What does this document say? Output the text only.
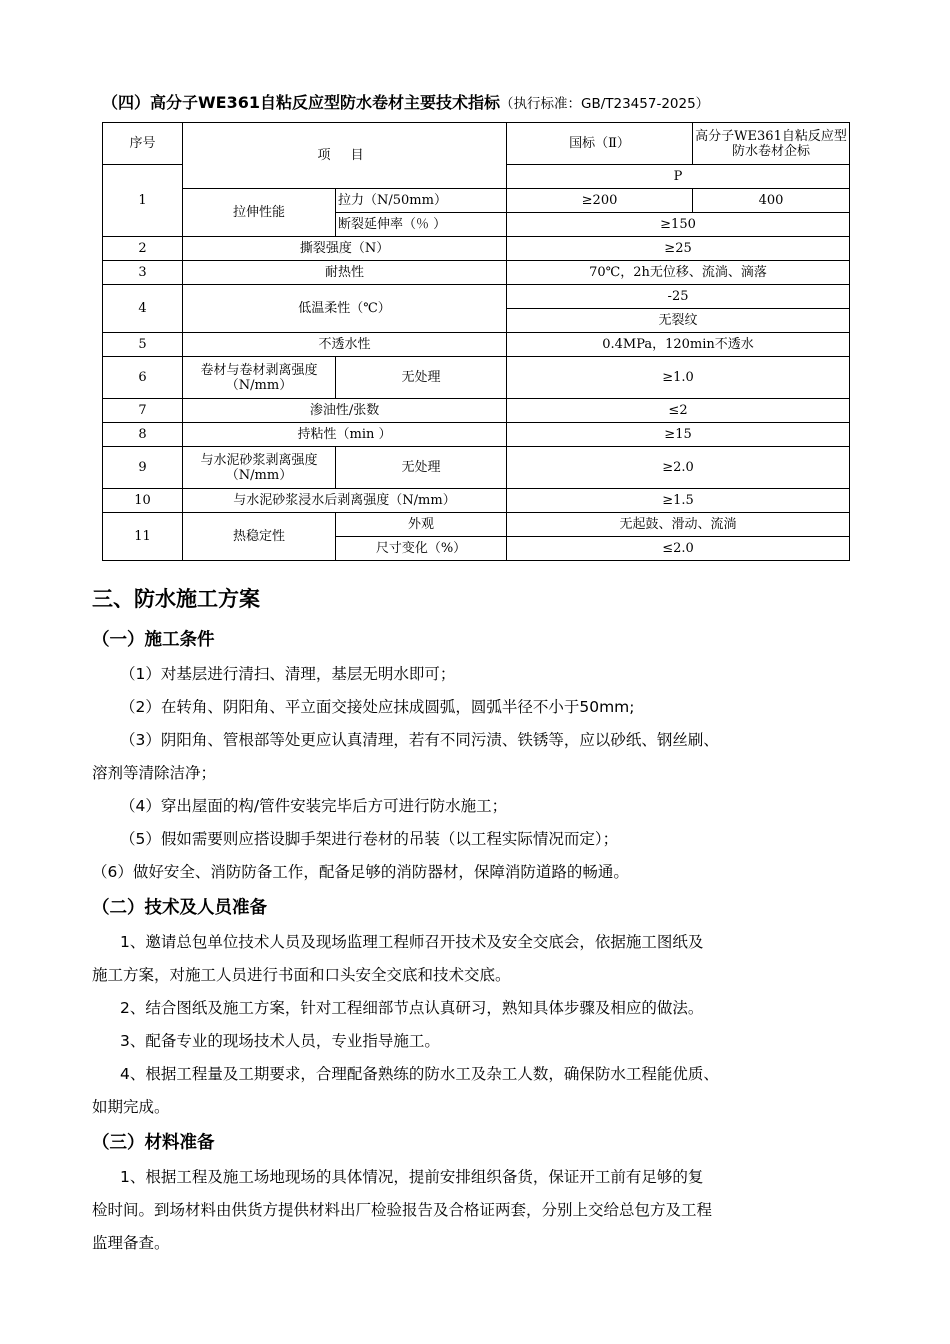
（四）高分子WE361自粘反应型防水卷材主要技术指标（执行标准：GB/T23457-2025）
序号	项 目		国标（Ⅱ）	高分子WE361自粘反应型防水卷材企标
1			P	
	拉伸性能	拉力（N/50mm）	≥200	400
		断裂延伸率（％ ）	≥150	
2	撕裂强度（N）		≥25	
3	耐热性		70℃，2h无位移、流淌、滴落	
4	低温柔性（℃）		-25	
			无裂纹	
5	不透水性		0.4MPa，120min不透水	
6	卷材与卷材剥离强度（N/mm）	无处理	≥1.0	
7	渗油性/张数		≤2	
8	持粘性（min ）		≥15	
9	与水泥砂浆剥离强度（N/mm）	无处理	≥2.0	
10	与水泥砂浆浸水后剥离强度（N/mm）		≥1.5	
11	热稳定性	外观	无起鼓、滑动、流淌	
		尺寸变化（%）	≤2.0	
三、防水施工方案
（一）施工条件
（1）对基层进行清扫、清理，基层无明水即可；
（2）在转角、阴阳角、平立面交接处应抹成圆弧，圆弧半径不小于50mm;
（3）阴阳角、管根部等处更应认真清理，若有不同污渍、铁锈等，应以砂纸、钢丝刷、
溶剂等清除洁净；
（4）穿出屋面的构/管件安装完毕后方可进行防水施工；
（5）假如需要则应搭设脚手架进行卷材的吊装（以工程实际情况而定）；
（6）做好安全、消防防备工作，配备足够的消防器材，保障消防道路的畅通。
（二）技术及人员准备
1、邀请总包单位技术人员及现场监理工程师召开技术及安全交底会，依据施工图纸及
施工方案，对施工人员进行书面和口头安全交底和技术交底。
2、结合图纸及施工方案，针对工程细部节点认真研习，熟知具体步骤及相应的做法。
3、配备专业的现场技术人员，专业指导施工。
4、根据工程量及工期要求，合理配备熟练的防水工及杂工人数，确保防水工程能优质、
如期完成。
（三）材料准备
1、根据工程及施工场地现场的具体情况，提前安排组织备货，保证开工前有足够的复
检时间。到场材料由供货方提供材料出厂检验报告及合格证两套，分别上交给总包方及工程
监理备查。
